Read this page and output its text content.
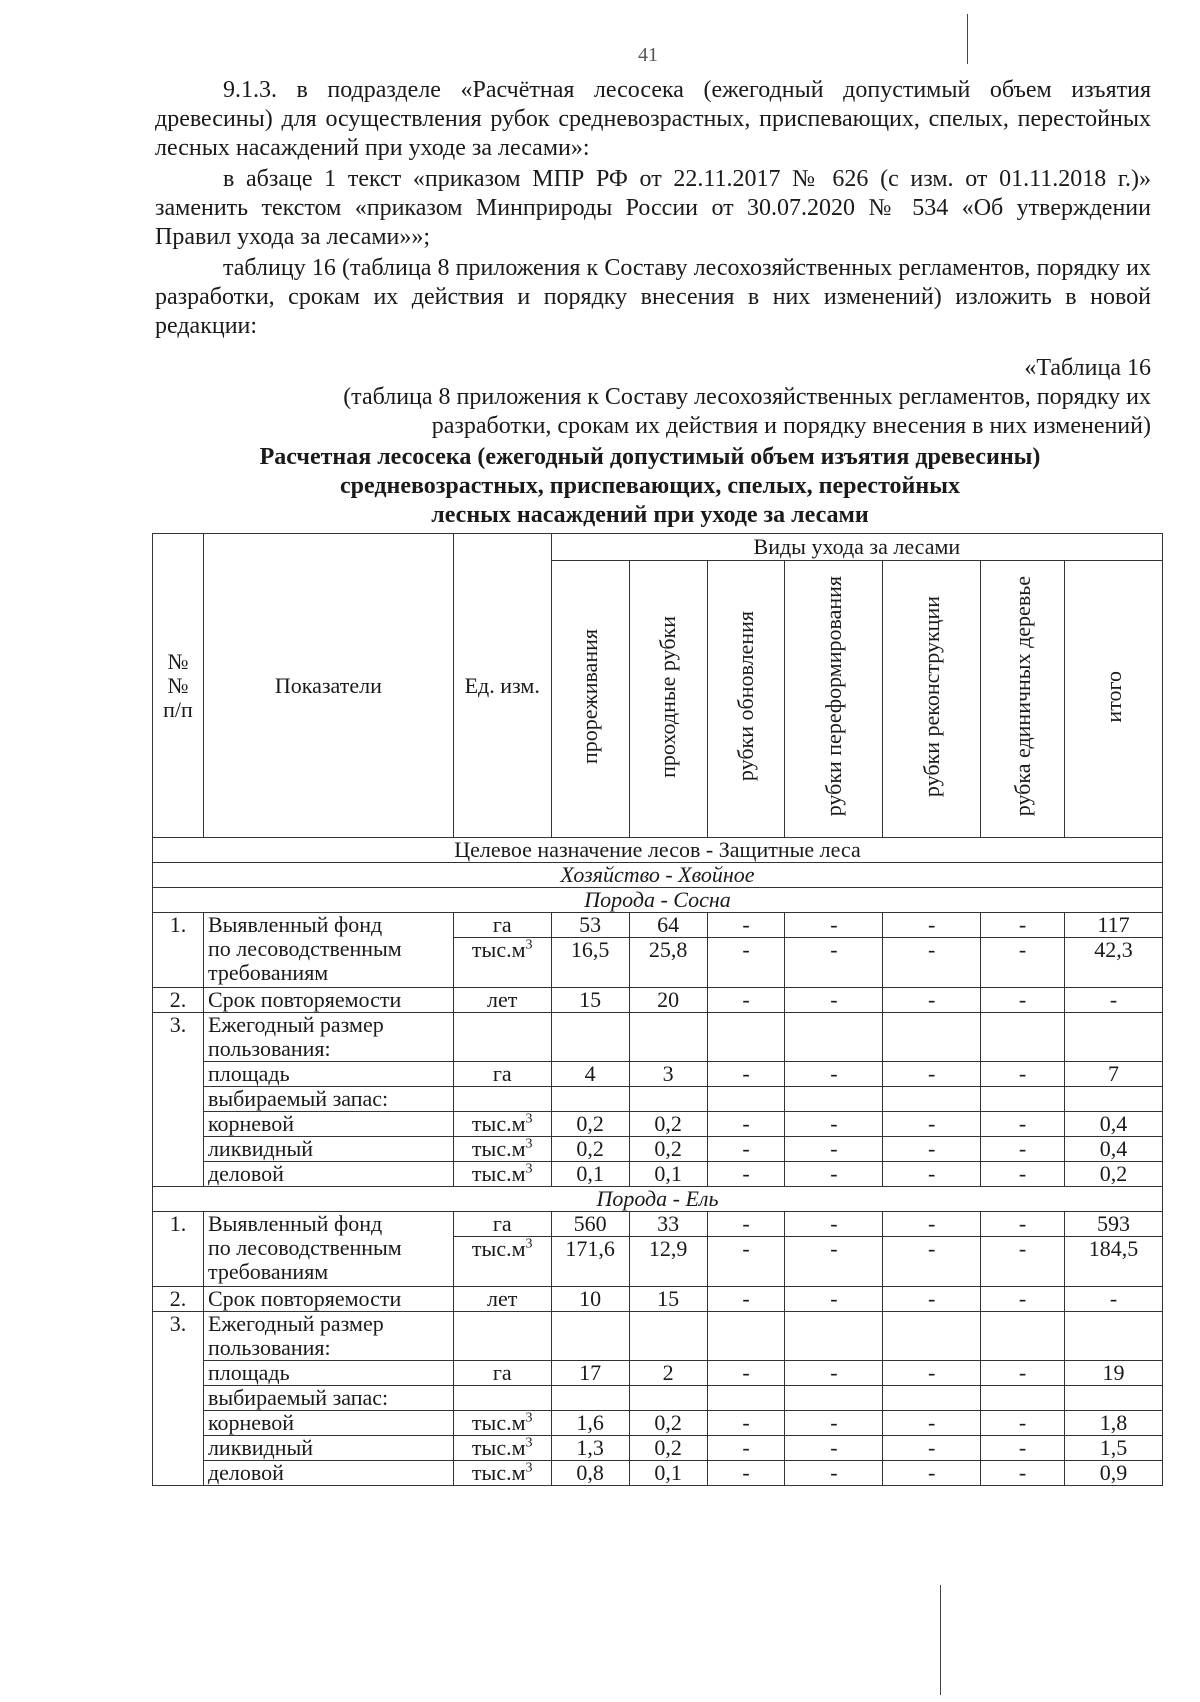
41

9.1.3. в подразделе «Расчётная лесосека (ежегодный допустимый объем изъятия древесины) для осуществления рубок средневозрастных, приспевающих, спелых, перестойных лесных насаждений при уходе за лесами»:

в абзаце 1 текст «приказом МПР РФ от 22.11.2017 № 626 (с изм. от 01.11.2018 г.)» заменить текстом «приказом Минприроды России от 30.07.2020 № 534 «Об утверждении Правил ухода за лесами»»;

таблицу 16 (таблица 8 приложения к Составу лесохозяйственных регламентов, порядку их разработки, срокам их действия и порядку внесения в них изменений) изложить в новой редакции:

«Таблица 16
(таблица 8 приложения к Составу лесохозяйственных регламентов, порядку их
разработки, срокам их действия и порядку внесения в них изменений)
Расчетная лесосека (ежегодный допустимый объем изъятия древесины)
средневозрастных, приспевающих, спелых, перестойных
лесных насаждений при уходе за лесами
№№ п/п	Показатели	Ед. изм.	Виды ухода за лесами						
			прореживания	проходные рубки	рубки обновления	рубки переформирования	рубки реконструкции	рубка единичных деревье	итого
Целевое назначение лесов - Защитные леса									
Хозяйство - Хвойное									
Порода - Сосна									
1.	Выявленный фонд
по лесоводственным
требованиям	га	53	64	-	-	-	-	117
		$тыс.м^3$	16,5	25,8	-	-	-	-	42,3
2.	Срок повторяемости	лет	15	20	-	-	-	-	-
3.	Ежегодный размер
пользования:								

	площадь	га	4	3	-	-	-	-	7
	выбираемый запас:								
	корневой	$тыс.м^3$	0,2	0,2	-	-	-	-	0,4
	ликвидный	$тыс.м^3$	0,2	0,2	-	-	-	-	0,4
	деловой	$тыс.м^3$	0,1	0,1	-	-	-	-	0,2
Порода - Ель									
1.	Выявленный фонд
по лесоводственным
требованиям	га	560	33	-	-	-	-	593
		$тыс.м^3$	171,6	12,9	-	-	-	-	184,5
2.	Срок повторяемости	лет	10	15	-	-	-	-	-
3.	Ежегодный размер
пользования:								

	площадь	га	17	2	-	-	-	-	19
	выбираемый запас:								
	корневой	$тыс.м^3$	1,6	0,2	-	-	-	-	1,8
	ликвидный	$тыс.м^3$	1,3	0,2	-	-	-	-	1,5
	деловой	$тыс.м^3$	0,8	0,1	-	-	-	-	0,9
